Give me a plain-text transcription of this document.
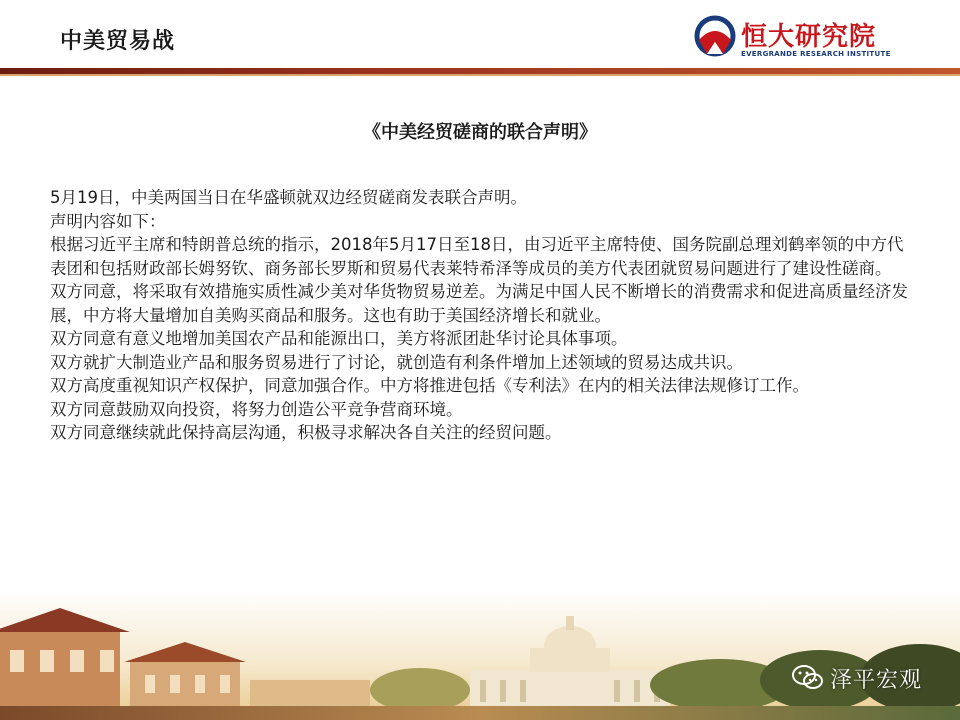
中美贸易战	恒大研究院
EVERGRANDE RESEARCH INSTITUTE
《中美经贸磋商的联合声明》

5月19日，中美两国当日在华盛顿就双边经贸磋商发表联合声明。

声明内容如下：

根据习近平主席和特朗普总统的指示，2018年5月17日至18日，由习近平主席特使、国务院副总理刘鹤率领的中方代表团和包括财政部长姆努钦、商务部长罗斯和贸易代表莱特希泽等成员的美方代表团就贸易问题进行了建设性磋商。

双方同意，将采取有效措施实质性减少美对华货物贸易逆差。为满足中国人民不断增长的消费需求和促进高质量经济发展，中方将大量增加自美购买商品和服务。这也有助于美国经济增长和就业。

双方同意有意义地增加美国农产品和能源出口，美方将派团赴华讨论具体事项。

双方就扩大制造业产品和服务贸易进行了讨论，就创造有利条件增加上述领域的贸易达成共识。

双方高度重视知识产权保护，同意加强合作。中方将推进包括《专利法》在内的相关法律法规修订工作。

双方同意鼓励双向投资，将努力创造公平竞争营商环境。

双方同意继续就此保持高层沟通，积极寻求解决各自关注的经贸问题。

泽平宏观
